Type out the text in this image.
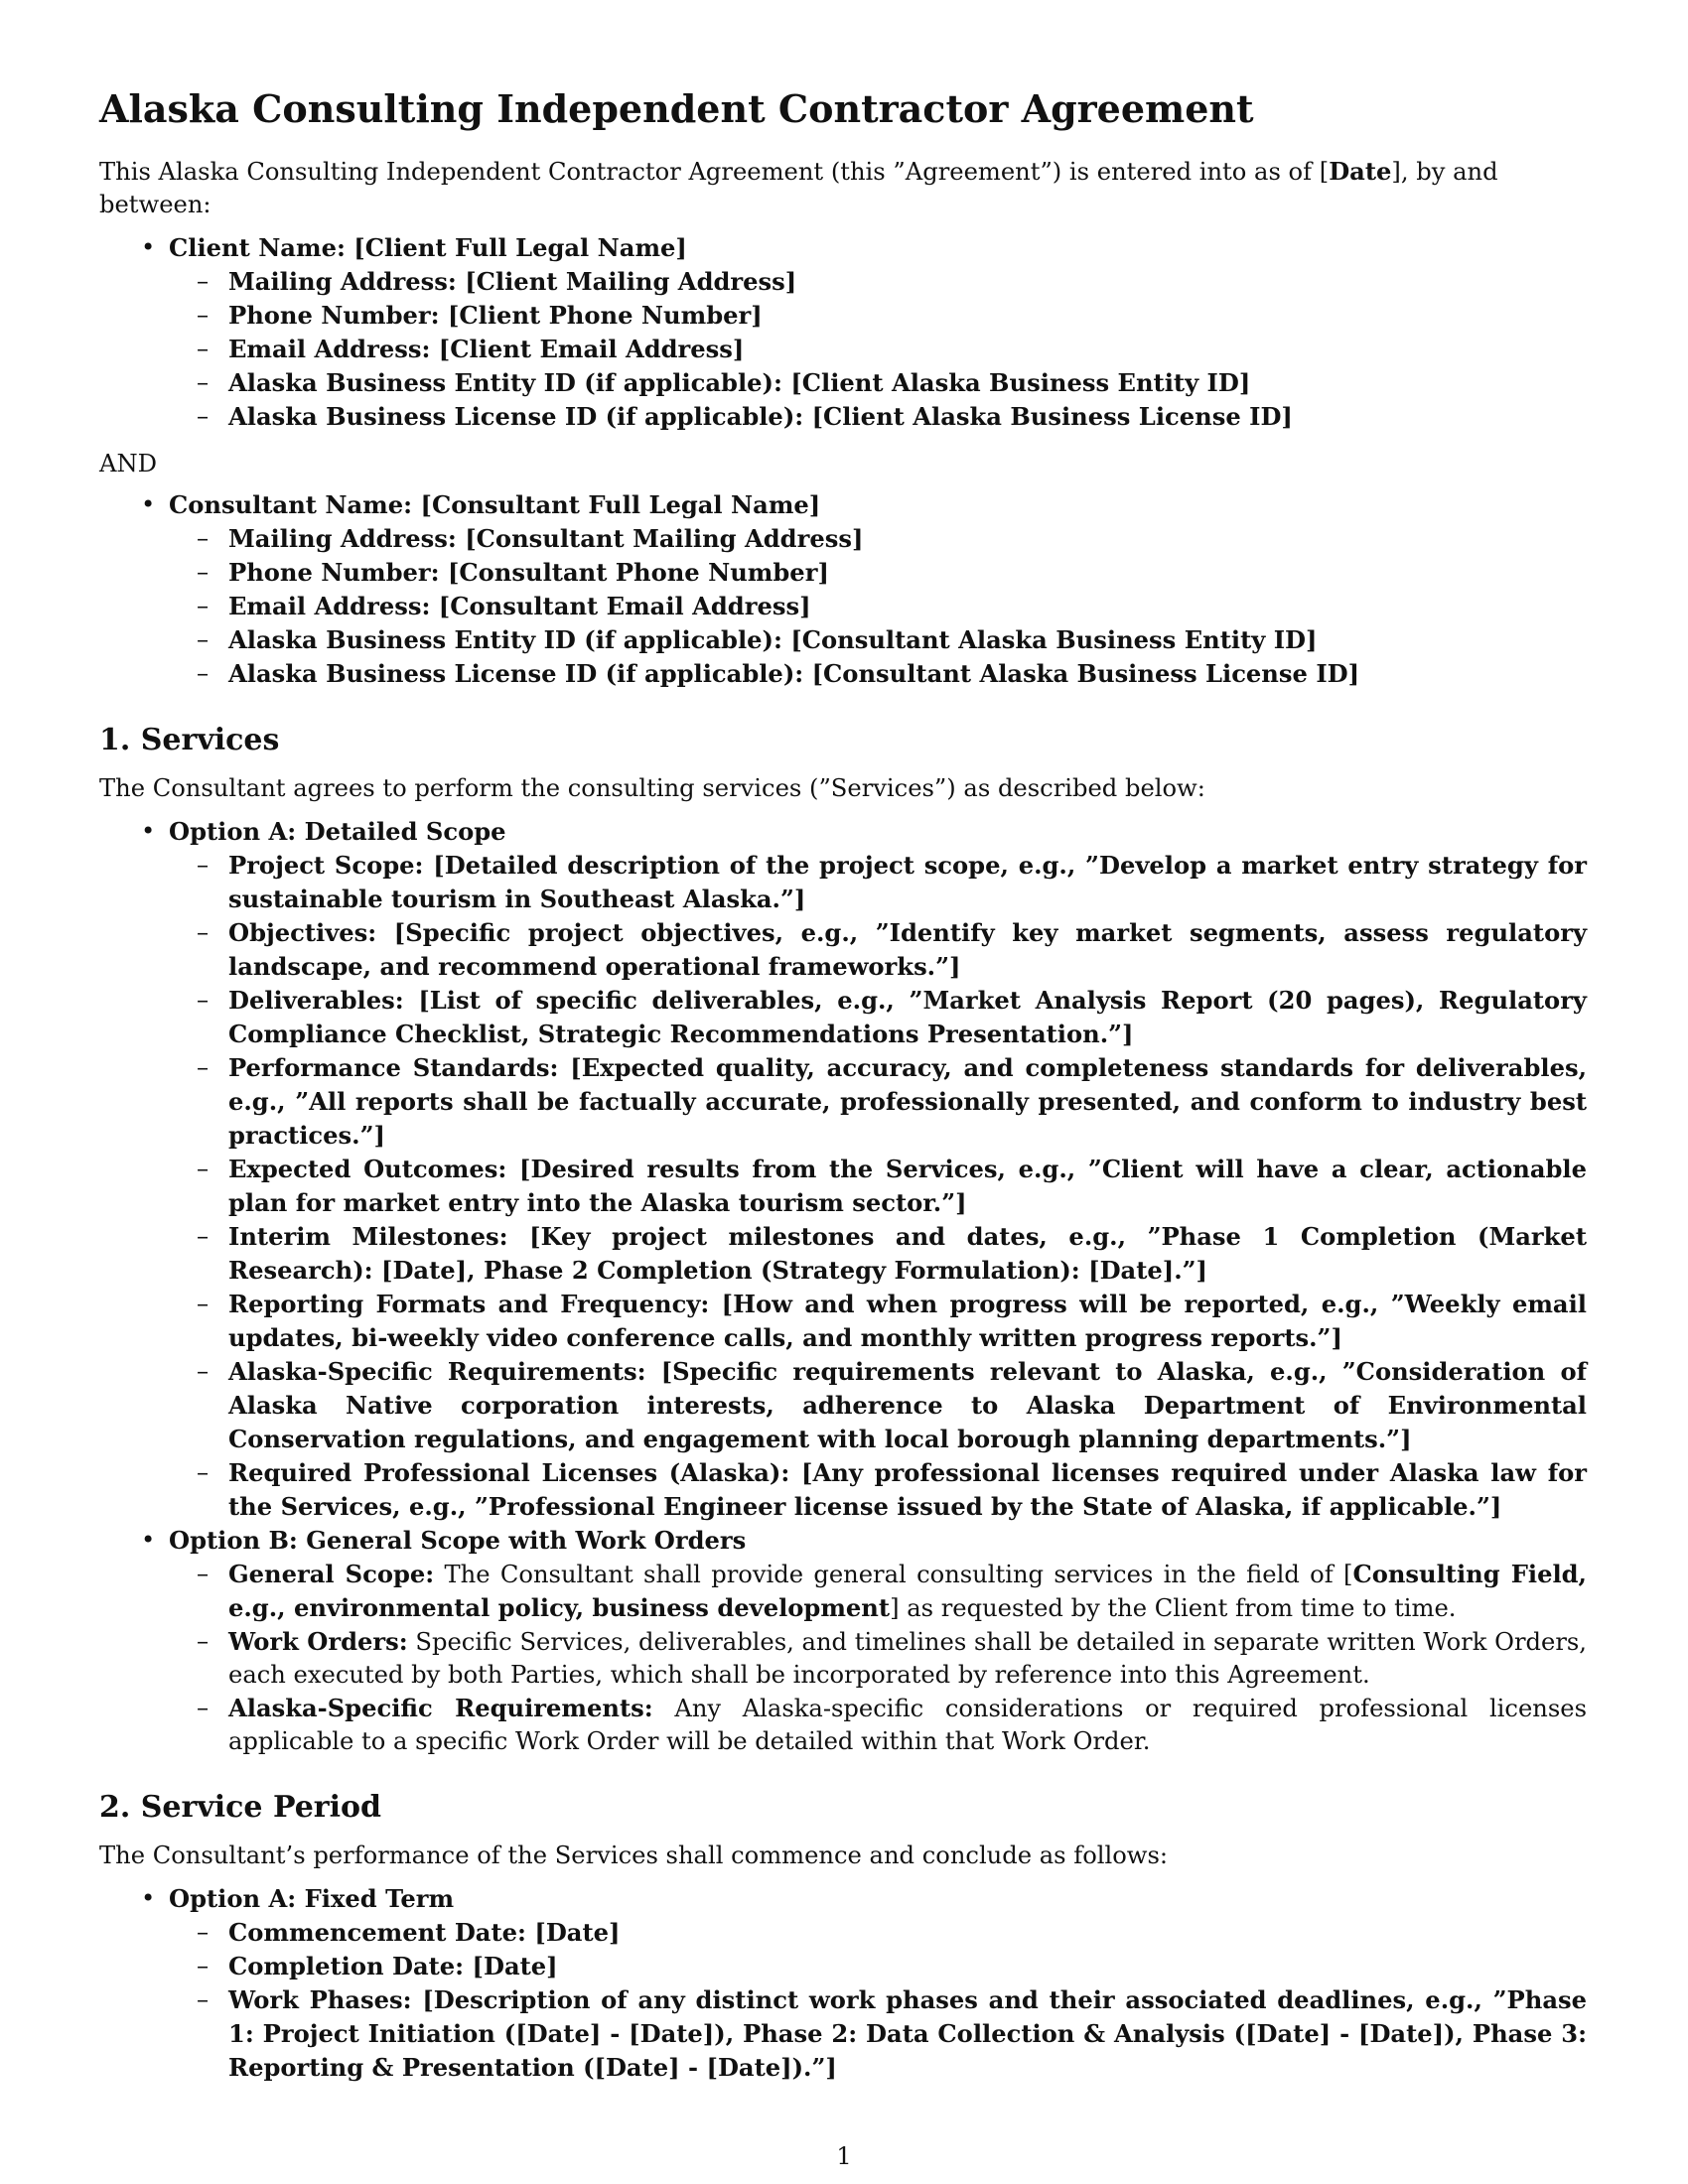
Alaska Consulting Independent Contractor Agreement

This Alaska Consulting Independent Contractor Agreement (this ”Agreement”) is entered into as of [Date], by and between:

• Client Name: [Client Full Legal Name]
– Mailing Address: [Client Mailing Address]
– Phone Number: [Client Phone Number]
– Email Address: [Client Email Address]
– Alaska Business Entity ID (if applicable): [Client Alaska Business Entity ID]
– Alaska Business License ID (if applicable): [Client Alaska Business License ID]

AND

• Consultant Name: [Consultant Full Legal Name]
– Mailing Address: [Consultant Mailing Address]
– Phone Number: [Consultant Phone Number]
– Email Address: [Consultant Email Address]
– Alaska Business Entity ID (if applicable): [Consultant Alaska Business Entity ID]
– Alaska Business License ID (if applicable): [Consultant Alaska Business License ID]
1. Services

The Consultant agrees to perform the consulting services (”Services”) as described below:

• Option A: Detailed Scope
– Project Scope: [Detailed description of the project scope, e.g., ”Develop a market entry strategy for sustainable tourism in Southeast Alaska.”]
– Objectives: [Specific project objectives, e.g., ”Identify key market segments, assess regulatory landscape, and recommend operational frameworks.”]
– Deliverables: [List of specific deliverables, e.g., ”Market Analysis Report (20 pages), Regulatory Compliance Checklist, Strategic Recommendations Presentation.”]
– Performance Standards: [Expected quality, accuracy, and completeness standards for deliverables, e.g., ”All reports shall be factually accurate, professionally presented, and conform to industry best practices.”]
– Expected Outcomes: [Desired results from the Services, e.g., ”Client will have a clear, actionable plan for market entry into the Alaska tourism sector.”]
– Interim Milestones: [Key project milestones and dates, e.g., ”Phase 1 Completion (Market Research): [Date], Phase 2 Completion (Strategy Formulation): [Date].”]
– Reporting Formats and Frequency: [How and when progress will be reported, e.g., ”Weekly email updates, bi-weekly video conference calls, and monthly written progress reports.”]
– Alaska-Specific Requirements: [Specific requirements relevant to Alaska, e.g., ”Consideration of Alaska Native corporation interests, adherence to Alaska Department of Environmental Conservation regulations, and engagement with local borough planning departments.”]
– Required Professional Licenses (Alaska): [Any professional licenses required under Alaska law for the Services, e.g., ”Professional Engineer license issued by the State of Alaska, if applicable.”]
• Option B: General Scope with Work Orders
– General Scope: The Consultant shall provide general consulting services in the field of [Consulting Field, e.g., environmental policy, business development] as requested by the Client from time to time.
– Work Orders: Specific Services, deliverables, and timelines shall be detailed in separate written Work Orders, each executed by both Parties, which shall be incorporated by reference into this Agreement.
– Alaska-Specific Requirements: Any Alaska-specific considerations or required professional licenses applicable to a specific Work Order will be detailed within that Work Order.
2. Service Period

The Consultant’s performance of the Services shall commence and conclude as follows:

• Option A: Fixed Term
– Commencement Date: [Date]
– Completion Date: [Date]
– Work Phases: [Description of any distinct work phases and their associated deadlines, e.g., ”Phase 1: Project Initiation ([Date] - [Date]), Phase 2: Data Collection & Analysis ([Date] - [Date]), Phase 3: Reporting & Presentation ([Date] - [Date]).”]
1
